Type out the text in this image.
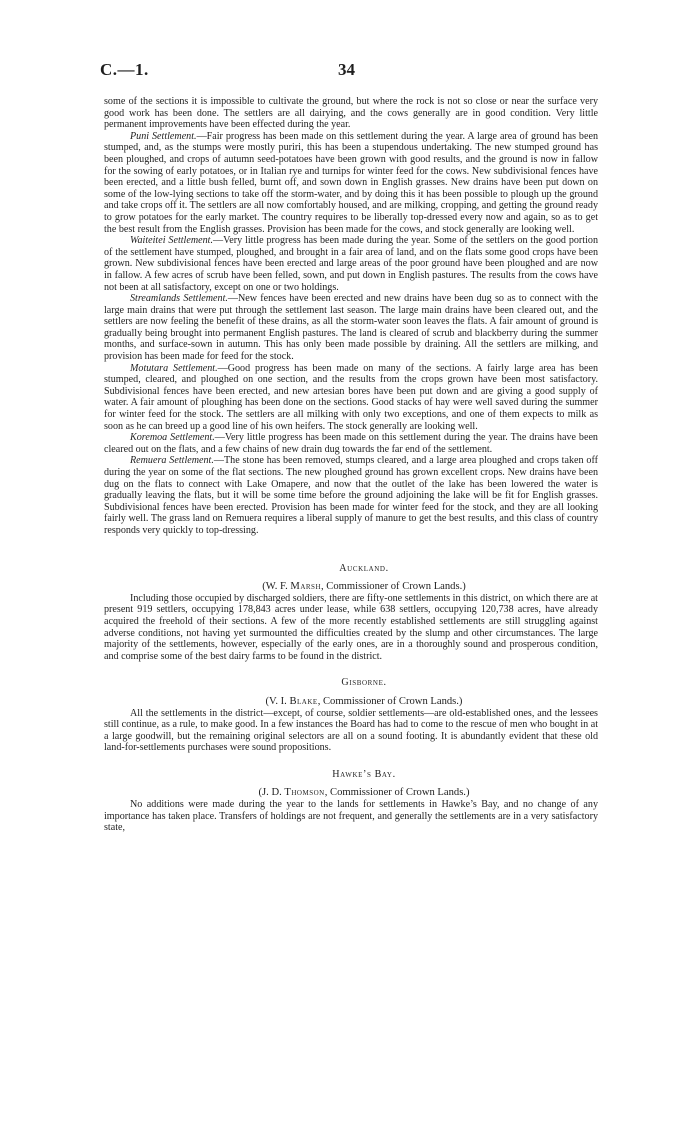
C.—1.	34

some of the sections it is impossible to cultivate the ground, but where the rock is not so close or near the surface very good work has been done. The settlers are all dairying, and the cows generally are in good condition. Very little permanent improvements have been effected during the year.

Puni Settlement.—Fair progress has been made on this settlement during the year. A large area of ground has been stumped, and, as the stumps were mostly puriri, this has been a stupendous undertaking. The new stumped ground has been ploughed, and crops of autumn seed-potatoes have been grown with good results, and the ground is now in fallow for the sowing of early potatoes, or in Italian rye and turnips for winter feed for the cows. New subdivisional fences have been erected, and a little bush felled, burnt off, and sown down in English grasses. New drains have been put down on some of the low-lying sections to take off the storm-water, and by doing this it has been possible to plough up the ground and take crops off it. The settlers are all now comfortably housed, and are milking, cropping, and getting the ground ready to grow potatoes for the early market. The country requires to be liberally top-dressed every now and again, so as to get the best result from the English grasses. Provision has been made for the cows, and stock generally are looking well.

Waiteitei Settlement.—Very little progress has been made during the year. Some of the settlers on the good portion of the settlement have stumped, ploughed, and brought in a fair area of land, and on the flats some good crops have been grown. New subdivisional fences have been erected and large areas of the poor ground have been ploughed and are now in fallow. A few acres of scrub have been felled, sown, and put down in English pastures. The results from the cows have not been at all satisfactory, except on one or two holdings.

Streamlands Settlement.—New fences have been erected and new drains have been dug so as to connect with the large main drains that were put through the settlement last season. The large main drains have been cleared out, and the settlers are now feeling the benefit of these drains, as all the storm-water soon leaves the flats. A fair amount of ground is gradually being brought into permanent English pastures. The land is cleared of scrub and blackberry during the summer months, and surface-sown in autumn. This has only been made possible by draining. All the settlers are milking, and provision has been made for feed for the stock.

Motutara Settlement.—Good progress has been made on many of the sections. A fairly large area has been stumped, cleared, and ploughed on one section, and the results from the crops grown have been most satisfactory. Subdivisional fences have been erected, and new artesian bores have been put down and are giving a good supply of water. A fair amount of ploughing has been done on the sections. Good stacks of hay were well saved during the summer for winter feed for the stock. The settlers are all milking with only two exceptions, and one of them expects to milk as soon as he can breed up a good line of his own heifers. The stock generally are looking well.

Koremoa Settlement.—Very little progress has been made on this settlement during the year. The drains have been cleared out on the flats, and a few chains of new drain dug towards the far end of the settlement.

Remuera Settlement.—The stone has been removed, stumps cleared, and a large area ploughed and crops taken off during the year on some of the flat sections. The new ploughed ground has grown excellent crops. New drains have been dug on the flats to connect with Lake Omapere, and now that the outlet of the lake has been lowered the water is gradually leaving the flats, but it will be some time before the ground adjoining the lake will be fit for English grasses. Subdivisional fences have been erected. Provision has been made for winter feed for the stock, and they are all looking fairly well. The grass land on Remuera requires a liberal supply of manure to get the best results, and this class of country responds very quickly to top-dressing.

Auckland.

(W. F. Marsh, Commissioner of Crown Lands.)

Including those occupied by discharged soldiers, there are fifty-one settlements in this district, on which there are at present 919 settlers, occupying 178,843 acres under lease, while 638 settlers, occupying 120,738 acres, have already acquired the freehold of their sections. A few of the more recently established settlements are still struggling against adverse conditions, not having yet surmounted the difficulties created by the slump and other circumstances. The large majority of the settlements, however, especially of the early ones, are in a thoroughly sound and prosperous condition, and comprise some of the best dairy farms to be found in the district.

Gisborne.

(V. I. Blake, Commissioner of Crown Lands.)

All the settlements in the district—except, of course, soldier settlements—are old-established ones, and the lessees still continue, as a rule, to make good. In a few instances the Board has had to come to the rescue of men who bought in at a large goodwill, but the remaining original selectors are all on a sound footing. It is abundantly evident that these old land-for-settlements purchases were sound propositions.

Hawke’s Bay.

(J. D. Thomson, Commissioner of Crown Lands.)

No additions were made during the year to the lands for settlements in Hawke’s Bay, and no change of any importance has taken place. Transfers of holdings are not frequent, and generally the settlements are in a very satisfactory state,
